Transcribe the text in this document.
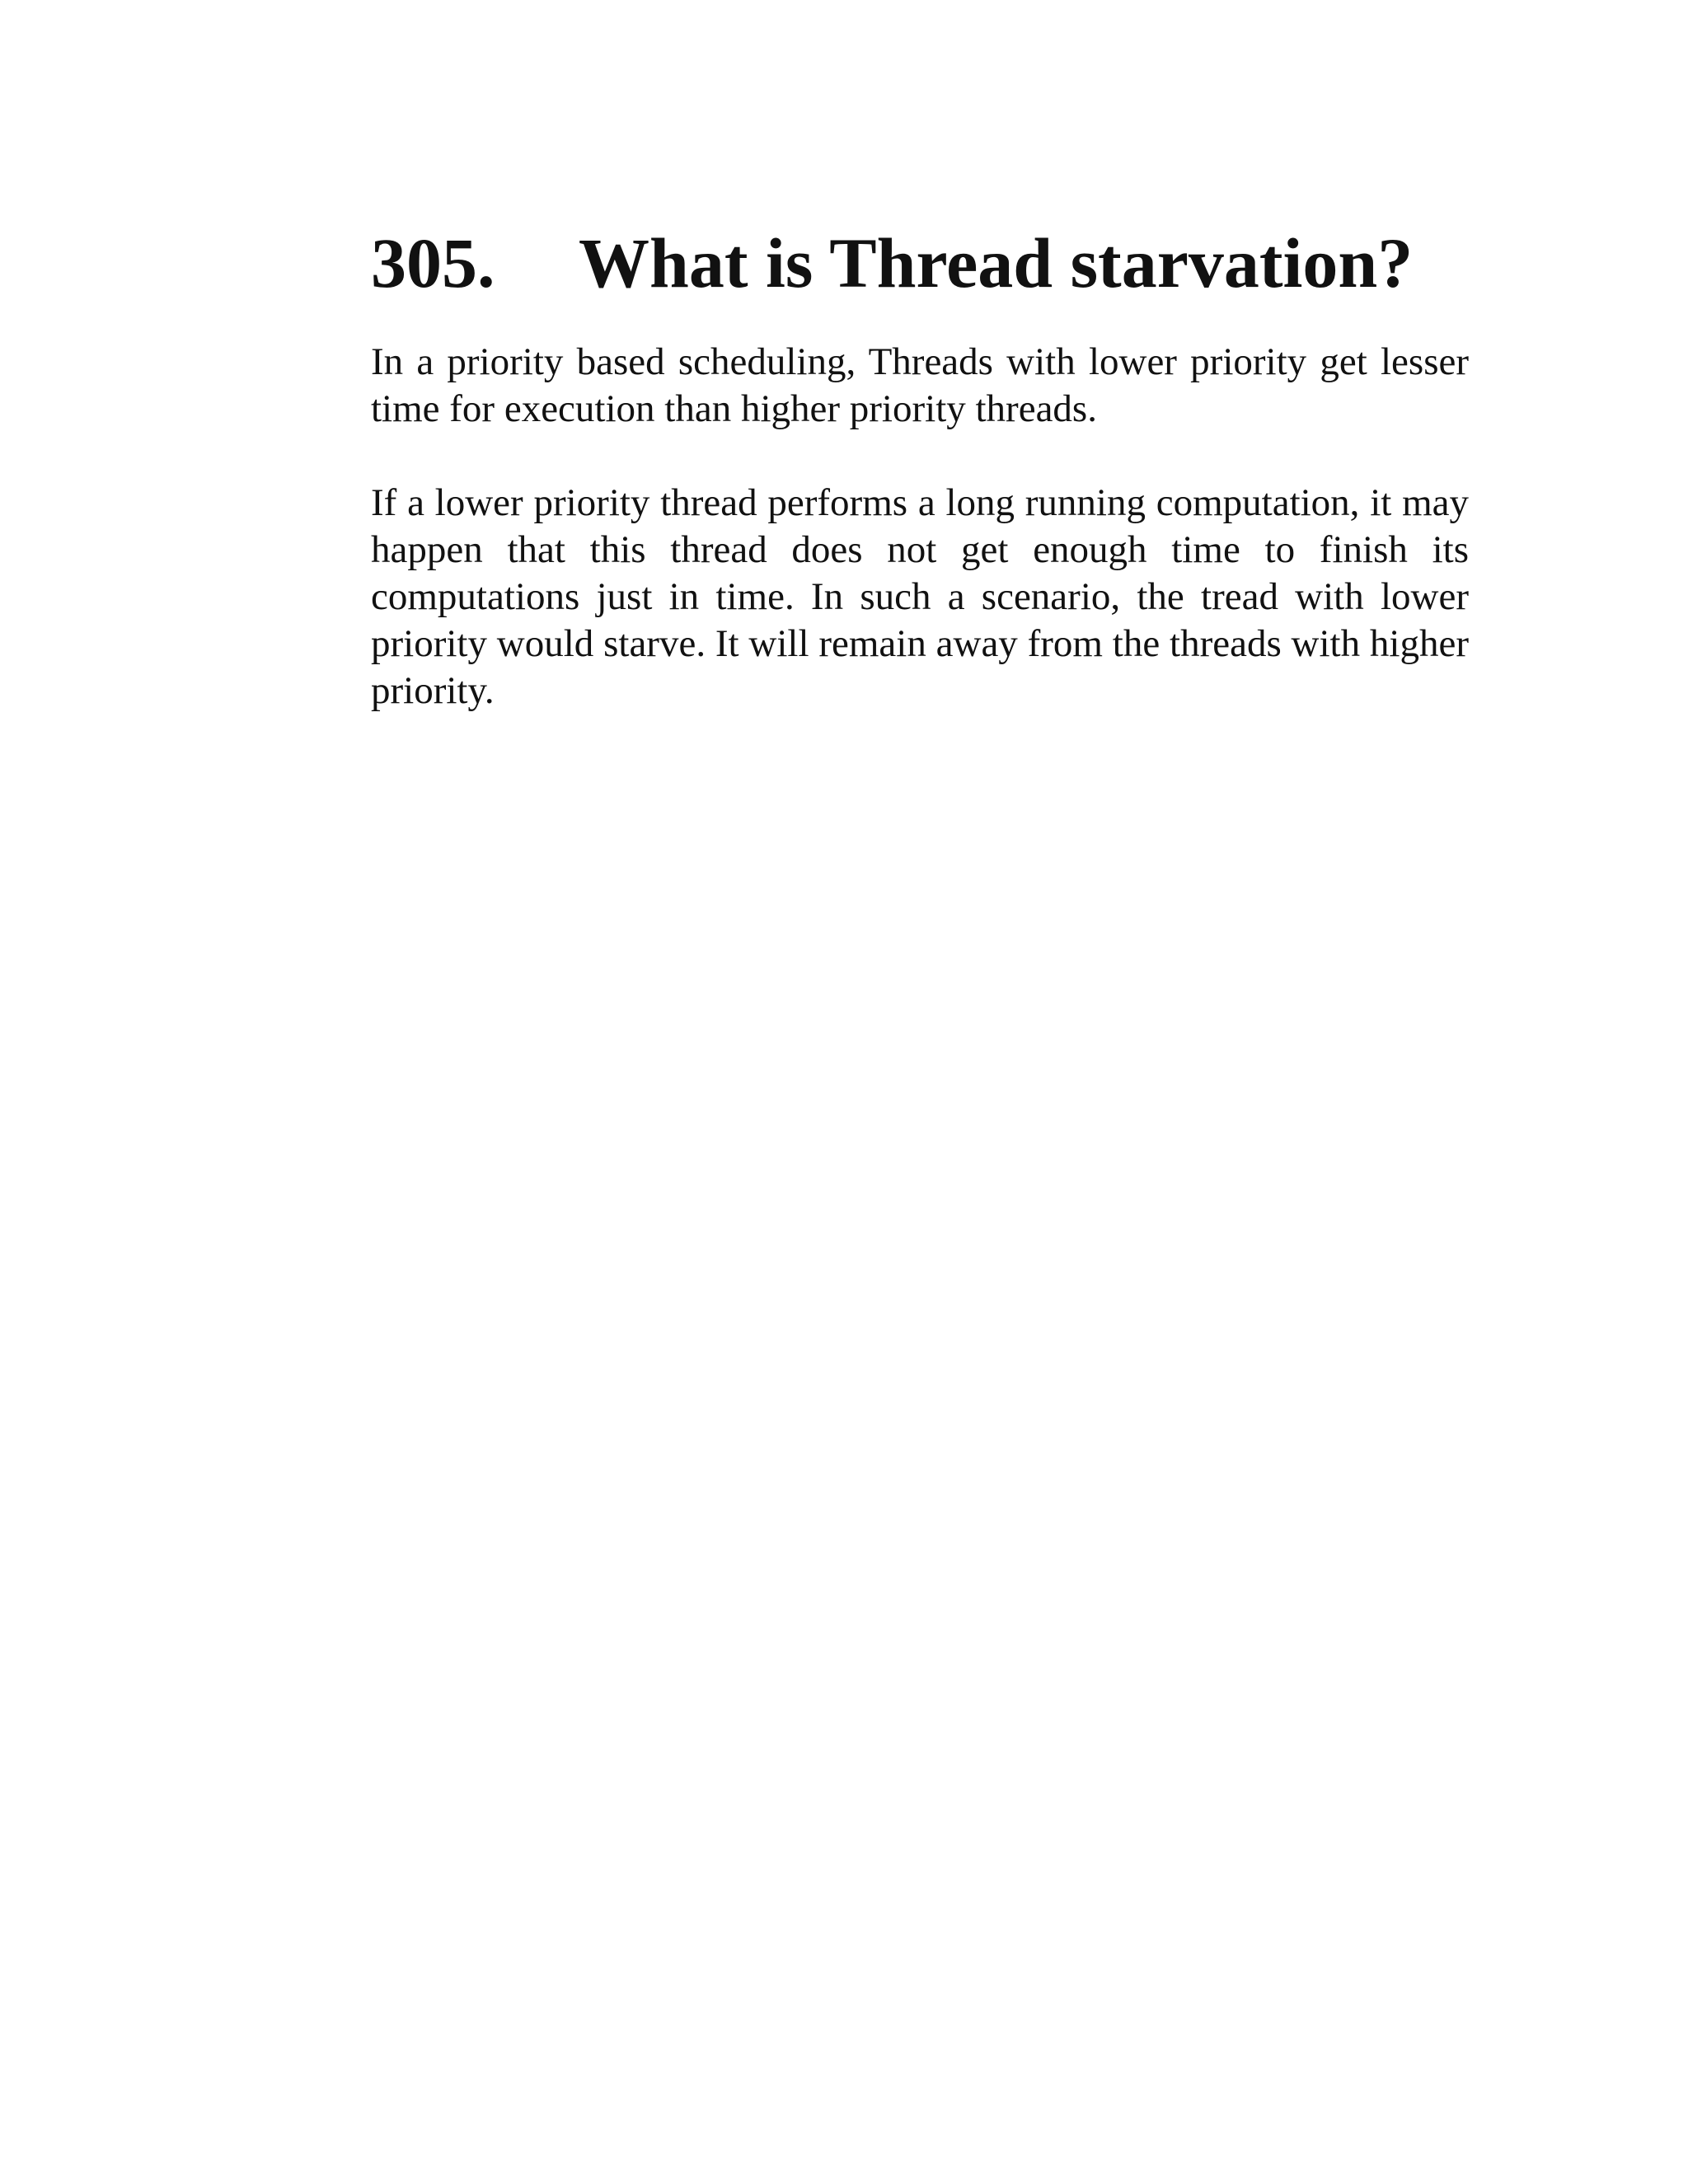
305. What is Thread starvation?

In a priority based scheduling, Threads with lower priority get lesser time for execution than higher priority threads.

If a lower priority thread performs a long running computation, it may happen that this thread does not get enough time to finish its computations just in time. In such a scenario, the tread with lower priority would starve. It will remain away from the threads with higher priority.
